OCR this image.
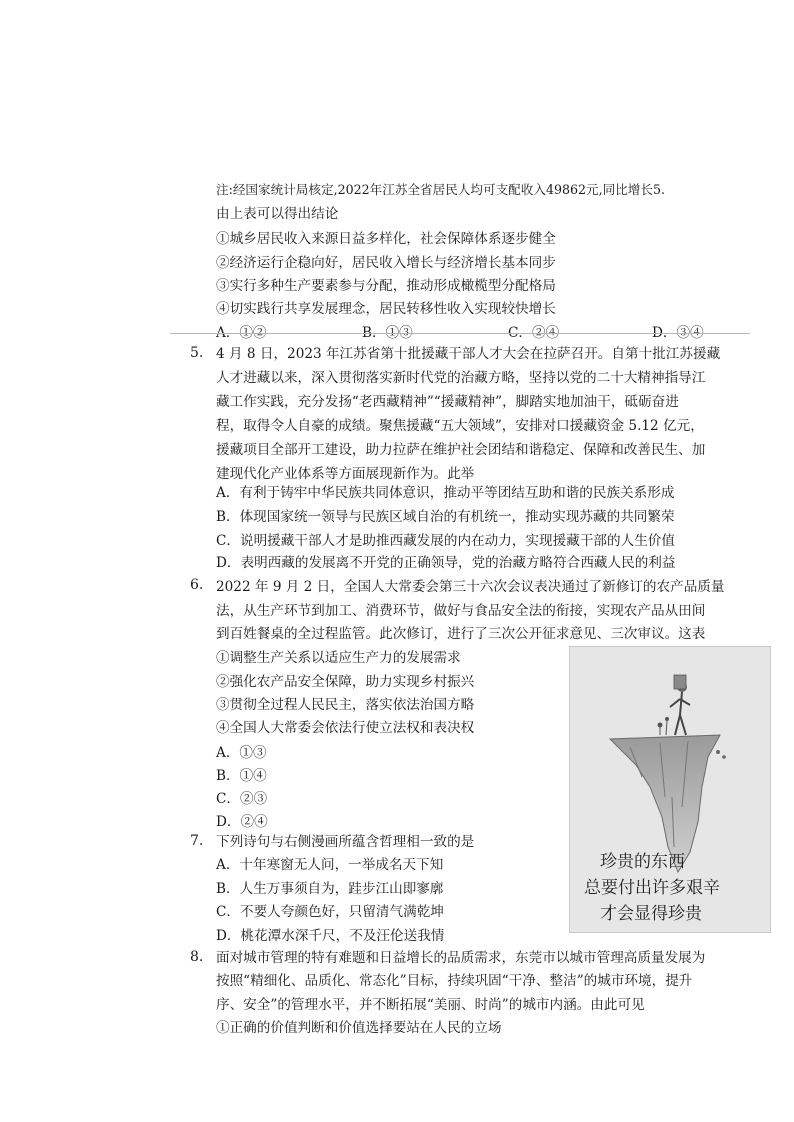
注:经国家统计局核定,2022年江苏全省居民人均可支配收入49862元,同比增长5.
由上表可以得出结论
①城乡居民收入来源日益多样化，社会保障体系逐步健全
②经济运行企稳向好，居民收入增长与经济增长基本同步
③实行多种生产要素参与分配，推动形成橄榄型分配格局
④切实践行共享发展理念，居民转移性收入实现较快增长
A．①②	B．①③	C．②④	D．③④
5. 4 月 8 日，2023 年江苏省第十批援藏干部人才大会在拉萨召开。自第十批江苏援藏
人才进藏以来，深入贯彻落实新时代党的治藏方略，坚持以党的二十大精神指导江
藏工作实践，充分发扬“老西藏精神”“援藏精神”，脚踏实地加油干，砥砺奋进
程，取得令人自豪的成绩。聚焦援藏“五大领域”，安排对口援藏资金 5.12 亿元，
援藏项目全部开工建设，助力拉萨在维护社会团结和谐稳定、保障和改善民生、加
建现代化产业体系等方面展现新作为。此举
A．有利于铸牢中华民族共同体意识，推动平等团结互助和谐的民族关系形成
B．体现国家统一领导与民族区域自治的有机统一，推动实现苏藏的共同繁荣
C．说明援藏干部人才是助推西藏发展的内在动力，实现援藏干部的人生价值
D．表明西藏的发展离不开党的正确领导，党的治藏方略符合西藏人民的利益
6. 2022 年 9 月 2 日，全国人大常委会第三十六次会议表决通过了新修订的农产品质量
法，从生产环节到加工、消费环节，做好与食品安全法的衔接，实现农产品从田间
到百姓餐桌的全过程监管。此次修订，进行了三次公开征求意见、三次审议。这表
①调整生产关系以适应生产力的发展需求
②强化农产品安全保障，助力实现乡村振兴
③贯彻全过程人民民主，落实依法治国方略
④全国人大常委会依法行使立法权和表决权
A．①③
B．①④
C．②③
D．②④
7. 下列诗句与右侧漫画所蕴含哲理相一致的是
A．十年寒窗无人问，一举成名天下知
B．人生万事须自为，跬步江山即寥廓
C．不要人夸颜色好，只留清气满乾坤
D．桃花潭水深千尺，不及汪伦送我情
珍贵的东西
总要付出许多艰辛
才会显得珍贵
8. 面对城市管理的特有难题和日益增长的品质需求，东莞市以城市管理高质量发展为
按照“精细化、品质化、常态化”目标，持续巩固“干净、整洁”的城市环境，提升
序、安全”的管理水平，并不断拓展“美丽、时尚”的城市内涵。由此可见
①正确的价值判断和价值选择要站在人民的立场
